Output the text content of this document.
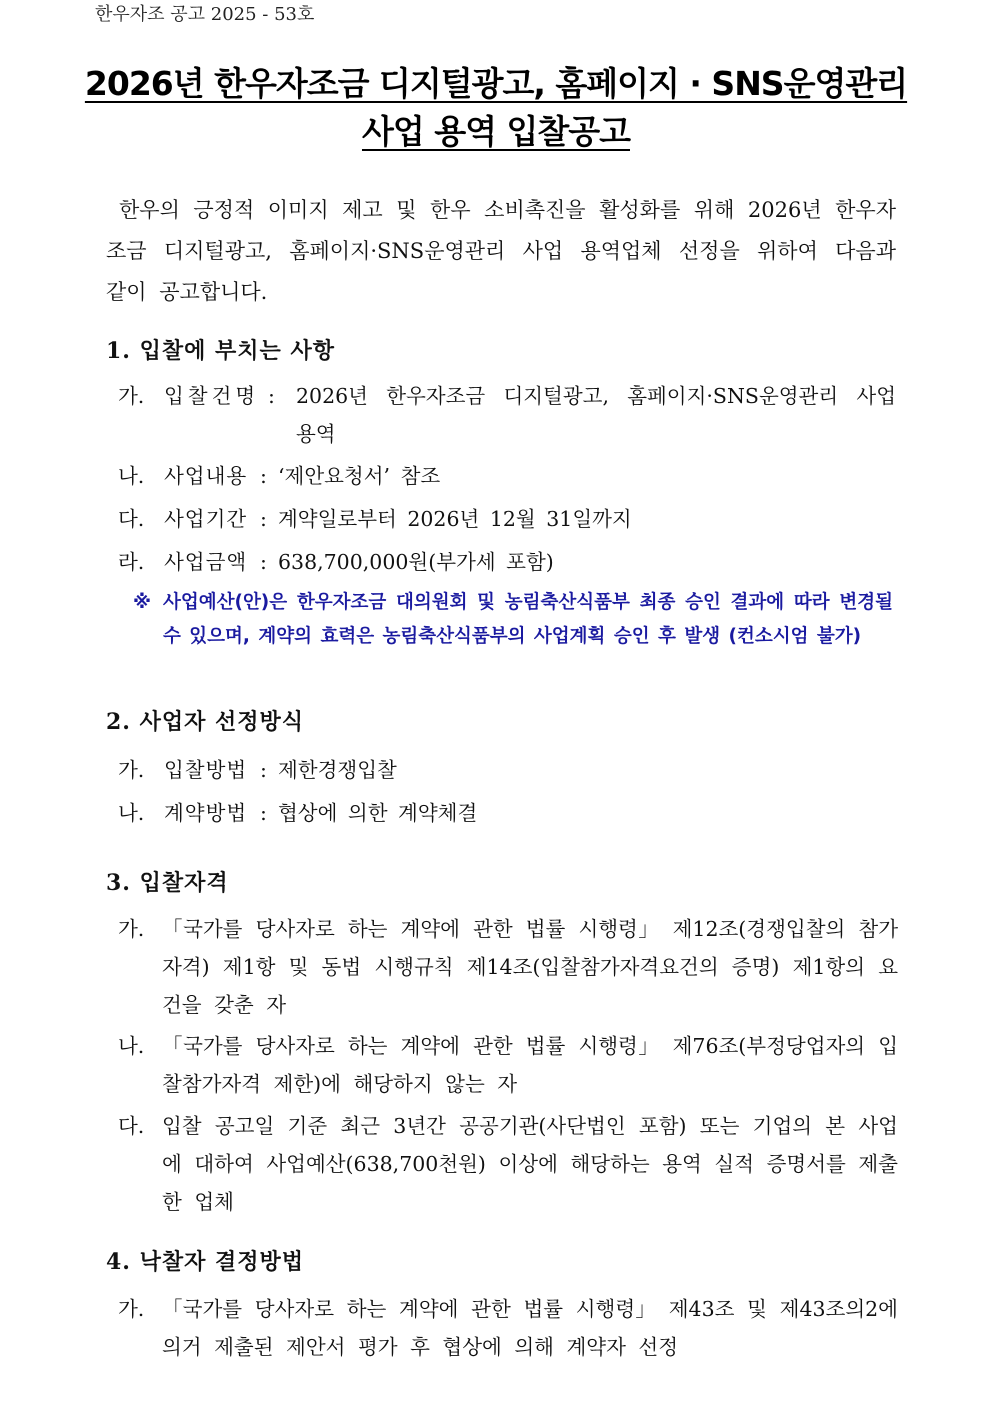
한우자조 공고 2025 - 53호
2026년 한우자조금 디지털광고, 홈페이지 · SNS운영관리
사업 용역 입찰공고
한우의 긍정적 이미지 제고 및 한우 소비촉진을 활성화를 위해 2026년 한우자조금 디지털광고, 홈페이지·SNS운영관리 사업 용역업체 선정을 위하여 다음과 같이 공고합니다.
1. 입찰에 부치는 사항
가. 입찰건명 : 2026년 한우자조금 디지털광고, 홈페이지·SNS운영관리 사업 용역
나. 사업내용 : ‘제안요청서’ 참조
다. 사업기간 : 계약일로부터 2026년 12월 31일까지
라. 사업금액 : 638,700,000원(부가세 포함)
※ 사업예산(안)은 한우자조금 대의원회 및 농림축산식품부 최종 승인 결과에 따라 변경될 수 있으며, 계약의 효력은 농림축산식품부의 사업계획 승인 후 발생 (컨소시엄 불가)
2. 사업자 선정방식
가. 입찰방법 : 제한경쟁입찰
나. 계약방법 : 협상에 의한 계약체결
3. 입찰자격
가. 「국가를 당사자로 하는 계약에 관한 법률 시행령」 제12조(경쟁입찰의 참가자격) 제1항 및 동법 시행규칙 제14조(입찰참가자격요건의 증명) 제1항의 요건을 갖춘 자
나. 「국가를 당사자로 하는 계약에 관한 법률 시행령」 제76조(부정당업자의 입찰참가자격 제한)에 해당하지 않는 자
다. 입찰 공고일 기준 최근 3년간 공공기관(사단법인 포함) 또는 기업의 본 사업에 대하여 사업예산(638,700천원) 이상에 해당하는 용역 실적 증명서를 제출한 업체
4. 낙찰자 결정방법
가. 「국가를 당사자로 하는 계약에 관한 법률 시행령」 제43조 및 제43조의2에 의거 제출된 제안서 평가 후 협상에 의해 계약자 선정
